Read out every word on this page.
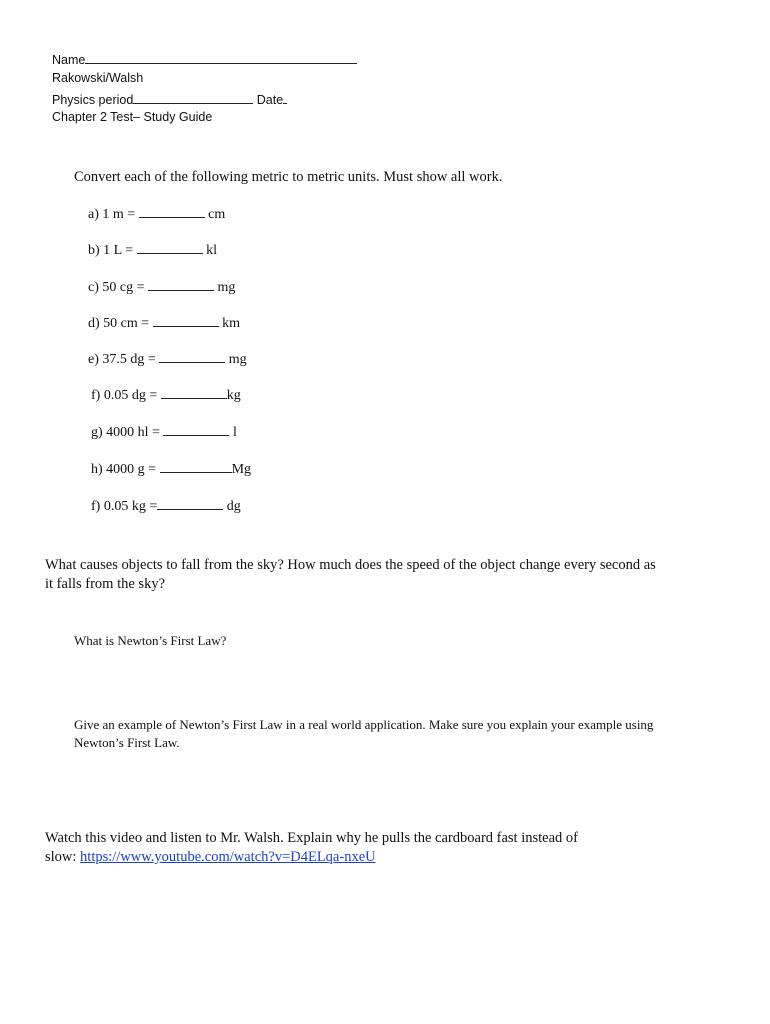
Name
Rakowski/Walsh
Physics period	Date
Chapter 2 Test– Study Guide
Convert each of the following metric to metric units. Must show all work.
a) 1 m =	cm
b) 1 L =	kl
c) 50 cg =	mg
d) 50 cm =	km
e) 37.5 dg =	mg
f) 0.05 dg =	kg
g) 4000 hl =	l
h) 4000 g =	Mg
f) 0.05 kg =	dg
What causes objects to fall from the sky? How much does the speed of the object change every second as
it falls from the sky?
What is Newton’s First Law?
Give an example of Newton’s First Law in a real world application. Make sure you explain your example using
Newton’s First Law.
Watch this video and listen to Mr. Walsh. Explain why he pulls the cardboard fast instead of
slow: https://www.youtube.com/watch?v=D4ELqa-nxeU
